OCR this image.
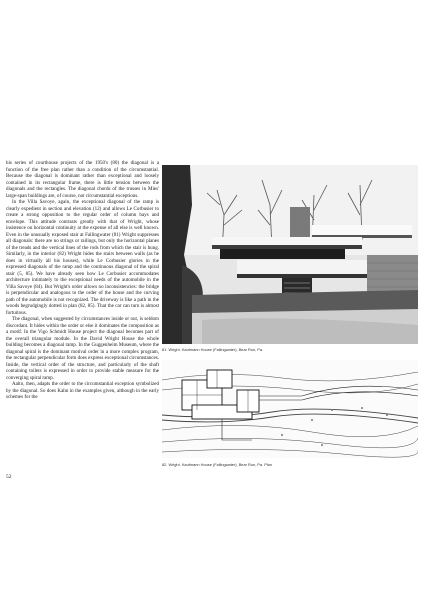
his series of courthouse projects of the 1950's (80) the diagonal is a function of the free plan rather than a condition of the circumstantial. Because the diagonal is dominant rather than exceptional and loosely contained in its rectangular frame, there is little tension between the diagonals and the rectangles. The diagonal chords of the trusses in Mies' large-span buildings are, of course, not circumstantial exceptions.

In the Villa Savoye, again, the exceptional diagonal of the ramp is clearly expedient in section and elevation (12) and allows Le Corbusier to create a strong opposition to the regular order of column bays and envelope. This attitude contrasts greatly with that of Wright, whose insistence on horizontal continuity at the expense of all else is well known. Even in the unusually exposed stair at Fallingwater (81) Wright suppresses all diagonals: there are no strings or railings, but only the horizontal planes of the treads and the vertical lines of the rods from which the stair is hung. Similarly, in the interior (82) Wright hides the stairs between walls (as he does in virtually all his houses), while Le Corbusier glories in the expressed diagonals of the ramp and the continuous diagonal of the spiral stair (5, 85). We have already seen how Le Corbusier accommodates architecture intimately to the exceptional needs of the automobile in the Villa Savoye (84). But Wright's order allows no inconsistencies: the bridge is perpendicular and analogous to the order of the house and the curving path of the automobile is not recognized. The driveway is like a path in the woods begrudgingly dotted in plan (82, 85). That the car can turn is almost fortuitous.

The diagonal, when suggested by circumstances inside or out, is seldom discordant. It hides within the order or else it dominates the composition as a motif. In the Vigo Schmidt House project the diagonal becomes part of the overall triangular module. In the David Wright House the whole building becomes a diagonal ramp. In the Guggenheim Museum, where the diagonal spiral is the dominant motival order in a more complex program, the rectangular perpendicular form does express exceptional circumstances. Inside, the vertical order of the structure, and particularly of the shaft containing toilets is expressed in order to provide stable measure for the converging spiral ramp.

Aalto, then, adapts the order to the circumstantial exception symbolized by the diagonal. So does Kahn in the examples given, although in the early schemes for the

52
81. Wright. Kaufmann House (Fallingwater), Bear Run, Pa.
82. Wright. Kaufmann House (Fallingwater), Bear Run, Pa. Plan
